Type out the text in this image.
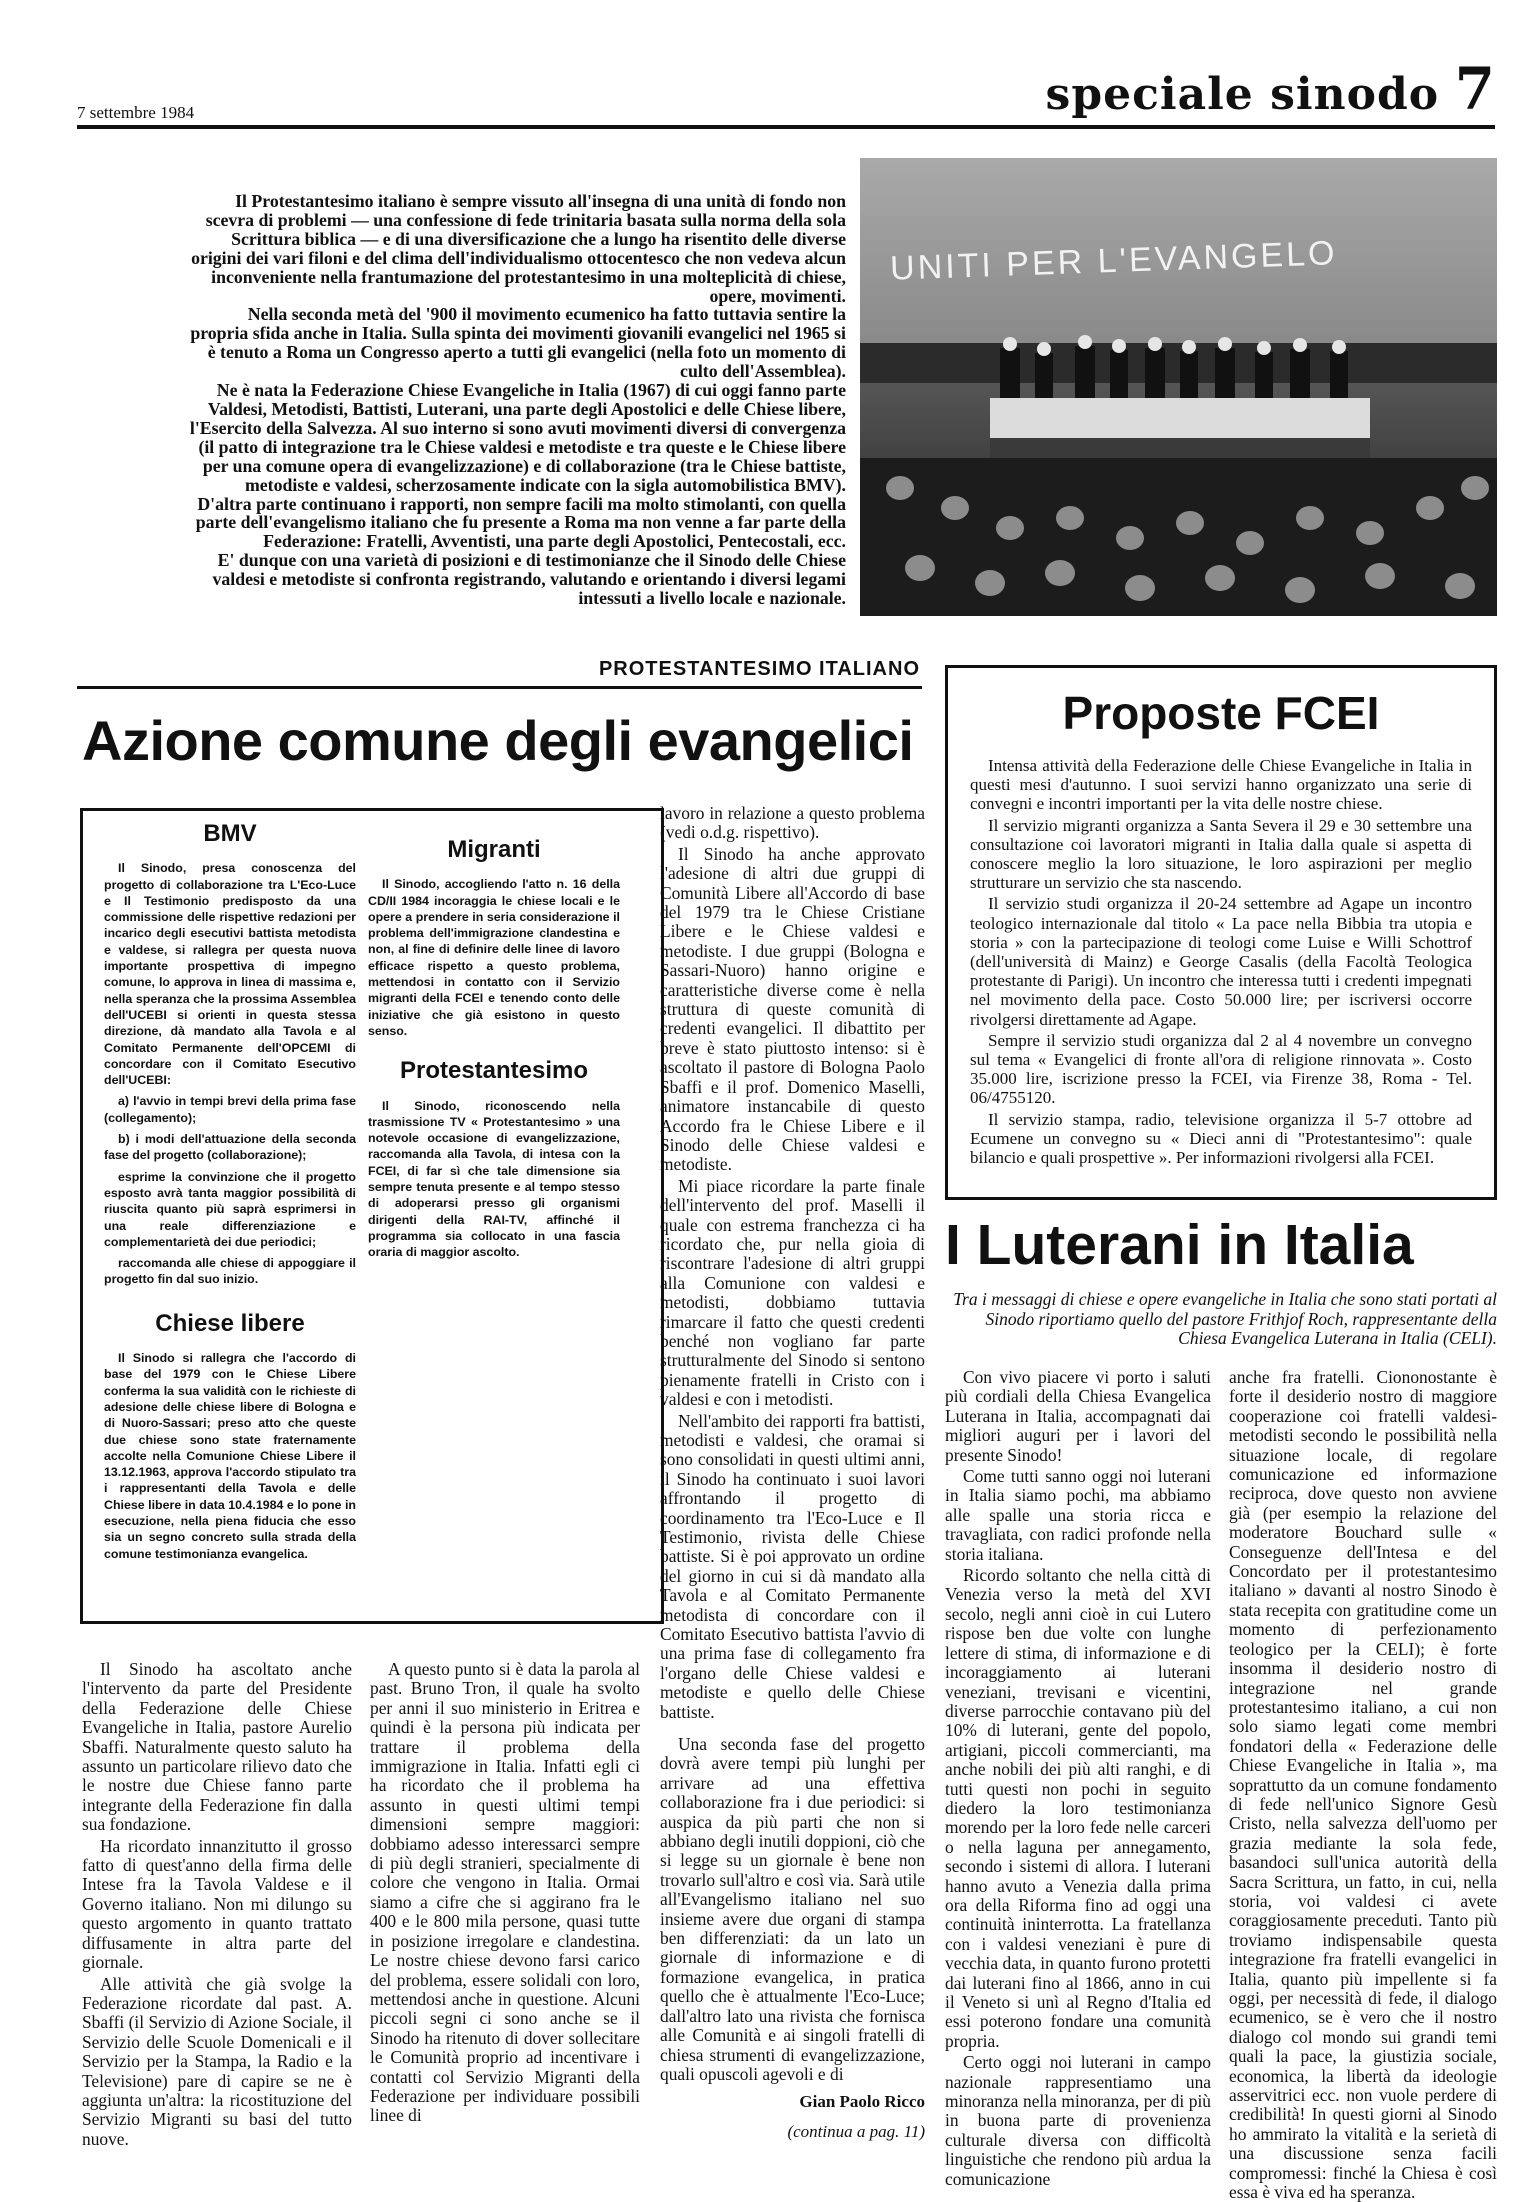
7 settembre 1984	speciale sinodo 7

Il Protestantesimo italiano è sempre vissuto all'insegna di una unità di fondo non scevra di problemi — una confessione di fede trinitaria basata sulla norma della sola Scrittura biblica — e di una diversificazione che a lungo ha risentito delle diverse origini dei vari filoni e del clima dell'individualismo ottocentesco che non vedeva alcun inconveniente nella frantumazione del protestantesimo in una molteplicità di chiese, opere, movimenti.

Nella seconda metà del '900 il movimento ecumenico ha fatto tuttavia sentire la propria sfida anche in Italia. Sulla spinta dei movimenti giovanili evangelici nel 1965 si è tenuto a Roma un Congresso aperto a tutti gli evangelici (nella foto un momento di culto dell'Assemblea).

Ne è nata la Federazione Chiese Evangeliche in Italia (1967) di cui oggi fanno parte Valdesi, Metodisti, Battisti, Luterani, una parte degli Apostolici e delle Chiese libere, l'Esercito della Salvezza. Al suo interno si sono avuti movimenti diversi di convergenza (il patto di integrazione tra le Chiese valdesi e metodiste e tra queste e le Chiese libere per una comune opera di evangelizzazione) e di collaborazione (tra le Chiese battiste, metodiste e valdesi, scherzosamente indicate con la sigla automobilistica BMV).

D'altra parte continuano i rapporti, non sempre facili ma molto stimolanti, con quella parte dell'evangelismo italiano che fu presente a Roma ma non venne a far parte della Federazione: Fratelli, Avventisti, una parte degli Apostolici, Pentecostali, ecc.

E' dunque con una varietà di posizioni e di testimonianze che il Sinodo delle Chiese valdesi e metodiste si confronta registrando, valutando e orientando i diversi legami intessuti a livello locale e nazionale.

UNITI PER L'EVANGELO
PROTESTANTESIMO ITALIANO
Azione comune degli evangelici
BMV

Il Sinodo, presa conoscenza del progetto di collaborazione tra L'Eco-Luce e Il Testimonio predisposto da una commissione delle rispettive redazioni per incarico degli esecutivi battista metodista e valdese, si rallegra per questa nuova importante prospettiva di impegno comune, lo approva in linea di massima e, nella speranza che la prossima Assemblea dell'UCEBI si orienti in questa stessa direzione, dà mandato alla Tavola e al Comitato Permanente dell'OPCEMI di concordare con il Comitato Esecutivo dell'UCEBI:

a) l'avvio in tempi brevi della prima fase (collegamento);

b) i modi dell'attuazione della seconda fase del progetto (collaborazione);

esprime la convinzione che il progetto esposto avrà tanta maggior possibilità di riuscita quanto più saprà esprimersi in una reale differenziazione e complementarietà dei due periodici;

raccomanda alle chiese di appoggiare il progetto fin dal suo inizio.

Chiese libere

Il Sinodo si rallegra che l'accordo di base del 1979 con le Chiese Libere conferma la sua validità con le richieste di adesione delle chiese libere di Bologna e di Nuoro-Sassari; preso atto che queste due chiese sono state fraternamente accolte nella Comunione Chiese Libere il 13.12.1963, approva l'accordo stipulato tra i rappresentanti della Tavola e delle Chiese libere in data 10.4.1984 e lo pone in esecuzione, nella piena fiducia che esso sia un segno concreto sulla strada della comune testimonianza evangelica.

Migranti

Il Sinodo, accogliendo l'atto n. 16 della CD/II 1984 incoraggia le chiese locali e le opere a prendere in seria considerazione il problema dell'immigrazione clandestina e non, al fine di definire delle linee di lavoro efficace rispetto a questo problema, mettendosi in contatto con il Servizio migranti della FCEI e tenendo conto delle iniziative che già esistono in questo senso.

Protestantesimo

Il Sinodo, riconoscendo nella trasmissione TV « Protestantesimo » una notevole occasione di evangelizzazione, raccomanda alla Tavola, di intesa con la FCEI, di far sì che tale dimensione sia sempre tenuta presente e al tempo stesso di adoperarsi presso gli organismi dirigenti della RAI-TV, affinché il programma sia collocato in una fascia oraria di maggior ascolto.

lavoro in relazione a questo problema (vedi o.d.g. rispettivo).

Il Sinodo ha anche approvato l'adesione di altri due gruppi di Comunità Libere all'Accordo di base del 1979 tra le Chiese Cristiane Libere e le Chiese valdesi e metodiste. I due gruppi (Bologna e Sassari-Nuoro) hanno origine e caratteristiche diverse come è nella struttura di queste comunità di credenti evangelici. Il dibattito per breve è stato piuttosto intenso: si è ascoltato il pastore di Bologna Paolo Sbaffi e il prof. Domenico Maselli, animatore instancabile di questo Accordo fra le Chiese Libere e il Sinodo delle Chiese valdesi e metodiste.

Mi piace ricordare la parte finale dell'intervento del prof. Maselli il quale con estrema franchezza ci ha ricordato che, pur nella gioia di riscontrare l'adesione di altri gruppi alla Comunione con valdesi e metodisti, dobbiamo tuttavia rimarcare il fatto che questi credenti benché non vogliano far parte strutturalmente del Sinodo si sentono pienamente fratelli in Cristo con i valdesi e con i metodisti.

Nell'ambito dei rapporti fra battisti, metodisti e valdesi, che oramai si sono consolidati in questi ultimi anni, il Sinodo ha continuato i suoi lavori affrontando il progetto di coordinamento tra l'Eco-Luce e Il Testimonio, rivista delle Chiese battiste. Si è poi approvato un ordine del giorno in cui si dà mandato alla Tavola e al Comitato Permanente metodista di concordare con il Comitato Esecutivo battista l'avvio di una prima fase di collegamento fra l'organo delle Chiese valdesi e metodiste e quello delle Chiese battiste.

Il Sinodo ha ascoltato anche l'intervento da parte del Presidente della Federazione delle Chiese Evangeliche in Italia, pastore Aurelio Sbaffi. Naturalmente questo saluto ha assunto un particolare rilievo dato che le nostre due Chiese fanno parte integrante della Federazione fin dalla sua fondazione.

Ha ricordato innanzitutto il grosso fatto di quest'anno della firma delle Intese fra la Tavola Valdese e il Governo italiano. Non mi dilungo su questo argomento in quanto trattato diffusamente in altra parte del giornale.

Alle attività che già svolge la Federazione ricordate dal past. A. Sbaffi (il Servizio di Azione Sociale, il Servizio delle Scuole Domenicali e il Servizio per la Stampa, la Radio e la Televisione) pare di capire se ne è aggiunta un'altra: la ricostituzione del Servizio Migranti su basi del tutto nuove.

A questo punto si è data la parola al past. Bruno Tron, il quale ha svolto per anni il suo ministerio in Eritrea e quindi è la persona più indicata per trattare il problema della immigrazione in Italia. Infatti egli ci ha ricordato che il problema ha assunto in questi ultimi tempi dimensioni sempre maggiori: dobbiamo adesso interessarci sempre di più degli stranieri, specialmente di colore che vengono in Italia. Ormai siamo a cifre che si aggirano fra le 400 e le 800 mila persone, quasi tutte in posizione irregolare e clandestina. Le nostre chiese devono farsi carico del problema, essere solidali con loro, mettendosi anche in questione. Alcuni piccoli segni ci sono anche se il Sinodo ha ritenuto di dover sollecitare le Comunità proprio ad incentivare i contatti col Servizio Migranti della Federazione per individuare possibili linee di

Una seconda fase del progetto dovrà avere tempi più lunghi per arrivare ad una effettiva collaborazione fra i due periodici: si auspica da più parti che non si abbiano degli inutili doppioni, ciò che si legge su un giornale è bene non trovarlo sull'altro e così via. Sarà utile all'Evangelismo italiano nel suo insieme avere due organi di stampa ben differenziati: da un lato un giornale di informazione e di formazione evangelica, in pratica quello che è attualmente l'Eco-Luce; dall'altro lato una rivista che fornisca alle Comunità e ai singoli fratelli di chiesa strumenti di evangelizzazione, quali opuscoli agevoli e di

Gian Paolo Ricco
(continua a pag. 11)
Proposte FCEI

Intensa attività della Federazione delle Chiese Evangeliche in Italia in questi mesi d'autunno. I suoi servizi hanno organizzato una serie di convegni e incontri importanti per la vita delle nostre chiese.

Il servizio migranti organizza a Santa Severa il 29 e 30 settembre una consultazione coi lavoratori migranti in Italia dalla quale si aspetta di conoscere meglio la loro situazione, le loro aspirazioni per meglio strutturare un servizio che sta nascendo.

Il servizio studi organizza il 20-24 settembre ad Agape un incontro teologico internazionale dal titolo « La pace nella Bibbia tra utopia e storia » con la partecipazione di teologi come Luise e Willi Schottrof (dell'università di Mainz) e George Casalis (della Facoltà Teologica protestante di Parigi). Un incontro che interessa tutti i credenti impegnati nel movimento della pace. Costo 50.000 lire; per iscriversi occorre rivolgersi direttamente ad Agape.

Sempre il servizio studi organizza dal 2 al 4 novembre un convegno sul tema « Evangelici di fronte all'ora di religione rinnovata ». Costo 35.000 lire, iscrizione presso la FCEI, via Firenze 38, Roma - Tel. 06/4755120.

Il servizio stampa, radio, televisione organizza il 5-7 ottobre ad Ecumene un convegno su « Dieci anni di "Protestantesimo": quale bilancio e quali prospettive ». Per informazioni rivolgersi alla FCEI.

I Luterani in Italia
Tra i messaggi di chiese e opere evangeliche in Italia che sono stati portati al Sinodo riportiamo quello del pastore Frithjof Roch, rappresentante della Chiesa Evangelica Luterana in Italia (CELI).

Con vivo piacere vi porto i saluti più cordiali della Chiesa Evangelica Luterana in Italia, accompagnati dai migliori auguri per i lavori del presente Sinodo!

Come tutti sanno oggi noi luterani in Italia siamo pochi, ma abbiamo alle spalle una storia ricca e travagliata, con radici profonde nella storia italiana.

Ricordo soltanto che nella città di Venezia verso la metà del XVI secolo, negli anni cioè in cui Lutero rispose ben due volte con lunghe lettere di stima, di informazione e di incoraggiamento ai luterani veneziani, trevisani e vicentini, diverse parrocchie contavano più del 10% di luterani, gente del popolo, artigiani, piccoli commercianti, ma anche nobili dei più alti ranghi, e di tutti questi non pochi in seguito diedero la loro testimonianza morendo per la loro fede nelle carceri o nella laguna per annegamento, secondo i sistemi di allora. I luterani hanno avuto a Venezia dalla prima ora della Riforma fino ad oggi una continuità ininterrotta. La fratellanza con i valdesi veneziani è pure di vecchia data, in quanto furono protetti dai luterani fino al 1866, anno in cui il Veneto si unì al Regno d'Italia ed essi poterono fondare una comunità propria.

Certo oggi noi luterani in campo nazionale rappresentiamo una minoranza nella minoranza, per di più in buona parte di provenienza culturale diversa con difficoltà linguistiche che rendono più ardua la comunicazione

anche fra fratelli. Ciononostante è forte il desiderio nostro di maggiore cooperazione coi fratelli valdesi-metodisti secondo le possibilità nella situazione locale, di regolare comunicazione ed informazione reciproca, dove questo non avviene già (per esempio la relazione del moderatore Bouchard sulle « Conseguenze dell'Intesa e del Concordato per il protestantesimo italiano » davanti al nostro Sinodo è stata recepita con gratitudine come un momento di perfezionamento teologico per la CELI); è forte insomma il desiderio nostro di integrazione nel grande protestantesimo italiano, a cui non solo siamo legati come membri fondatori della « Federazione delle Chiese Evangeliche in Italia », ma soprattutto da un comune fondamento di fede nell'unico Signore Gesù Cristo, nella salvezza dell'uomo per grazia mediante la sola fede, basandoci sull'unica autorità della Sacra Scrittura, un fatto, in cui, nella storia, voi valdesi ci avete coraggiosamente preceduti. Tanto più troviamo indispensabile questa integrazione fra fratelli evangelici in Italia, quanto più impellente si fa oggi, per necessità di fede, il dialogo ecumenico, se è vero che il nostro dialogo col mondo sui grandi temi quali la pace, la giustizia sociale, economica, la libertà da ideologie asservitrici ecc. non vuole perdere di credibilità! In questi giorni al Sinodo ho ammirato la vitalità e la serietà di una discussione senza facili compromessi: finché la Chiesa è così essa è viva ed ha speranza.
